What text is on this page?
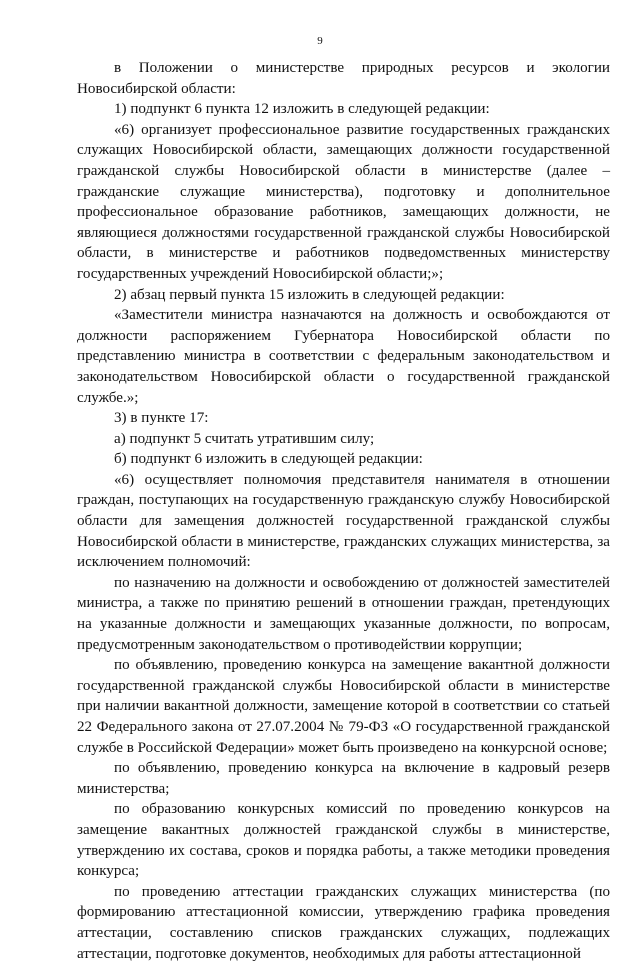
9

в Положении о министерстве природных ресурсов и экологии Новосибирской области:

1) подпункт 6 пункта 12 изложить в следующей редакции:

«6) организует профессиональное развитие государственных гражданских служащих Новосибирской области, замещающих должности государственной гражданской службы Новосибирской области в министерстве (далее – гражданские служащие министерства), подготовку и дополнительное профессиональное образование работников, замещающих должности, не являющиеся должностями государственной гражданской службы Новосибирской области, в министерстве и работников подведомственных министерству государственных учреждений Новосибирской области;»;

2) абзац первый пункта 15 изложить в следующей редакции:

«Заместители министра назначаются на должность и освобождаются от должности распоряжением Губернатора Новосибирской области по представлению министра в соответствии с федеральным законодательством и законодательством Новосибирской области о государственной гражданской службе.»;

3) в пункте 17:

а) подпункт 5 считать утратившим силу;

б) подпункт 6 изложить в следующей редакции:

«6) осуществляет полномочия представителя нанимателя в отношении граждан, поступающих на государственную гражданскую службу Новосибирской области для замещения должностей государственной гражданской службы Новосибирской области в министерстве, гражданских служащих министерства, за исключением полномочий:

по назначению на должности и освобождению от должностей заместителей министра, а также по принятию решений в отношении граждан, претендующих на указанные должности и замещающих указанные должности, по вопросам, предусмотренным законодательством о противодействии коррупции;

по объявлению, проведению конкурса на замещение вакантной должности государственной гражданской службы Новосибирской области в министерстве при наличии вакантной должности, замещение которой в соответствии со статьей 22 Федерального закона от 27.07.2004 № 79-ФЗ «О государственной гражданской службе в Российской Федерации» может быть произведено на конкурсной основе;

по объявлению, проведению конкурса на включение в кадровый резерв министерства;

по образованию конкурсных комиссий по проведению конкурсов на замещение вакантных должностей гражданской службы в министерстве, утверждению их состава, сроков и порядка работы, а также методики проведения конкурса;

по проведению аттестации гражданских служащих министерства (по формированию аттестационной комиссии, утверждению графика проведения аттестации, составлению списков гражданских служащих, подлежащих аттестации, подготовке документов, необходимых для работы аттестационной
